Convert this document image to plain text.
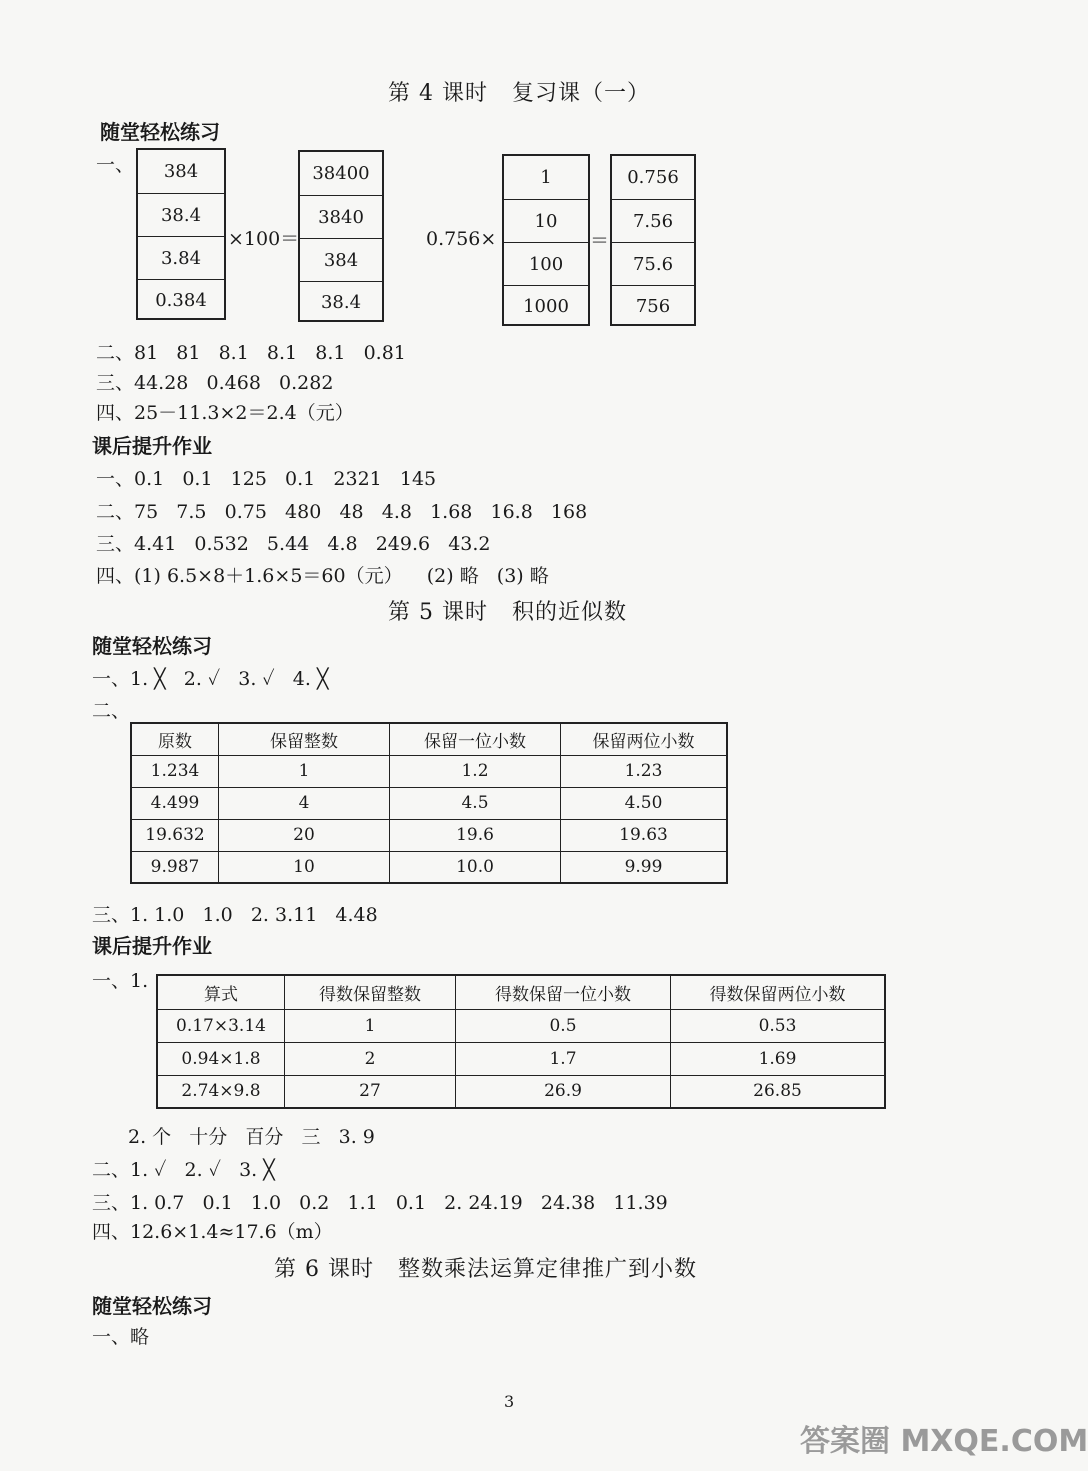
第 4 课时   复习课（一）
随堂轻松练习
一、	384
38.4
3.84
0.384
×100＝
38400
3840
384
38.4
0.756×
1
10
100
1000
＝
0.756
7.56
75.6
756
二、81   81   8.1   8.1   8.1   0.81
三、44.28   0.468   0.282
四、25－11.3×2＝2.4（元）
课后提升作业
一、0.1   0.1   125   0.1   2321   145
二、75   7.5   0.75   480   48   4.8   1.68   16.8   168
三、4.41   0.532   5.44   4.8   249.6   43.2
四、(1) 6.5×8＋1.6×5＝60（元）    (2) 略   (3) 略
第 5 课时   积的近似数
随堂轻松练习
一、1. ╳   2. ✓   3. ✓   4. ╳
二、
原数	保留整数	保留一位小数	保留两位小数
1.234	1	1.2	1.23
4.499	4	4.5	4.50
19.632	20	19.6	19.63
9.987	10	10.0	9.99
三、1. 1.0   1.0   2. 3.11   4.48
课后提升作业
一、1.
算式	得数保留整数	得数保留一位小数	得数保留两位小数
0.17×3.14	1	0.5	0.53
0.94×1.8	2	1.7	1.69
2.74×9.8	27	26.9	26.85
2. 个   十分   百分   三   3. 9
二、1. ✓   2. ✓   3. ╳
三、1. 0.7   0.1   1.0   0.2   1.1   0.1   2. 24.19   24.38   11.39
四、12.6×1.4≈17.6（m）
第 6 课时   整数乘法运算定律推广到小数
随堂轻松练习
一、略
3
答案圈 MXQE.COM
